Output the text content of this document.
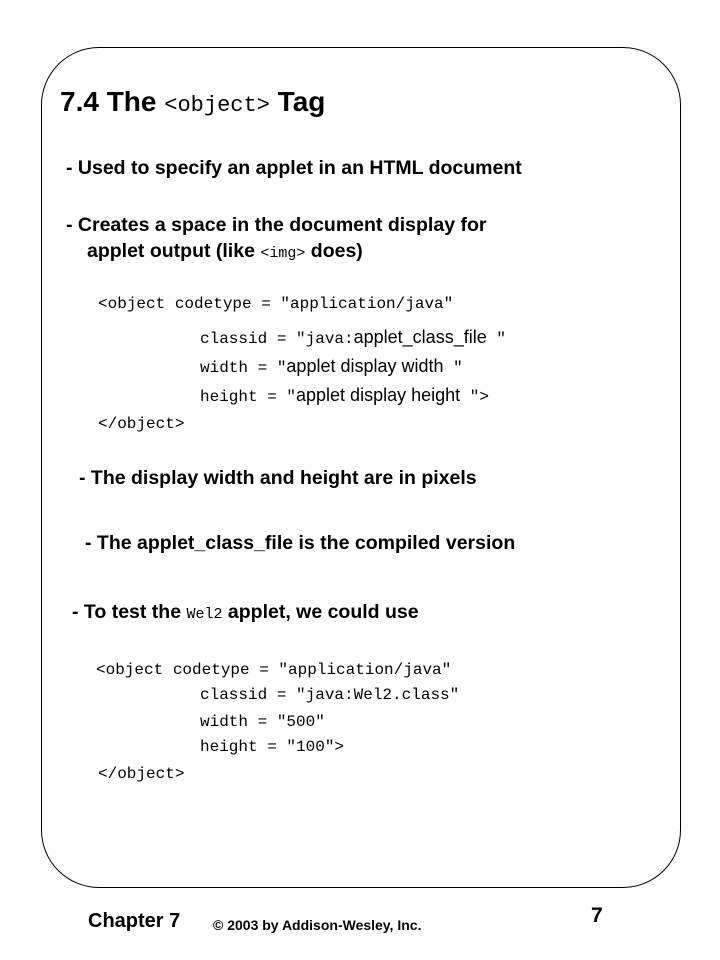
7.4 The <object> Tag
- Used to specify an applet in an HTML document
- Creates a space in the document display for
applet output (like <img> does)
<object codetype = "application/java"
classid = "java:applet_class_file "
width = "applet display width "
height = "applet display height ">
</object>
- The display width and height are in pixels
- The applet_class_file is the compiled version
- To test the Wel2 applet, we could use
<object codetype = "application/java"
classid = "java:Wel2.class"
width = "500"
height = "100">
</object>
Chapter 7 © 2003 by Addison-Wesley, Inc.	7
